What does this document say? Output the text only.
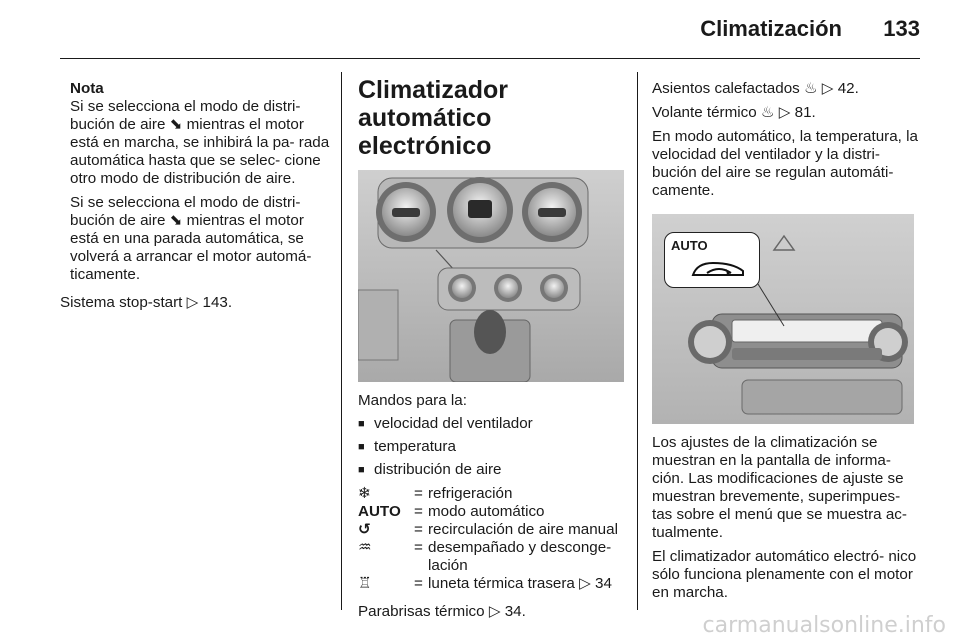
Climatización 133

Nota

Si se selecciona el modo de distri- bución de aire ⬊ mientras el motor está en marcha, se inhibirá la pa- rada automática hasta que se selec- cione otro modo de distribución de aire.

Si se selecciona el modo de distri- bución de aire ⬊ mientras el motor está en una parada automática, se volverá a arrancar el motor automá- ticamente.

Sistema stop-start ▷ 143.

Climatizador automático
electrónico

Mandos para la:

■ velocidad del ventilador

■ temperatura

■ distribución de aire

❄	=	refrigeración
AUTO	=	modo automático
↺	=	recirculación de aire manual
♒	=	desempañado y desconge- lación
♖	=	luneta térmica trasera ▷ 34

Parabrisas térmico ▷ 34.

Asientos calefactados ♨ ▷ 42.

Volante térmico ♨ ▷ 81.

En modo automático, la temperatura, la velocidad del ventilador y la distri- bución del aire se regulan automáti- camente.

AUTO

Los ajustes de la climatización se muestran en la pantalla de informa- ción. Las modificaciones de ajuste se muestran brevemente, superimpues- tas sobre el menú que se muestra ac- tualmente.

El climatizador automático electró- nico sólo funciona plenamente con el motor en marcha.

carmanualsonline.info
